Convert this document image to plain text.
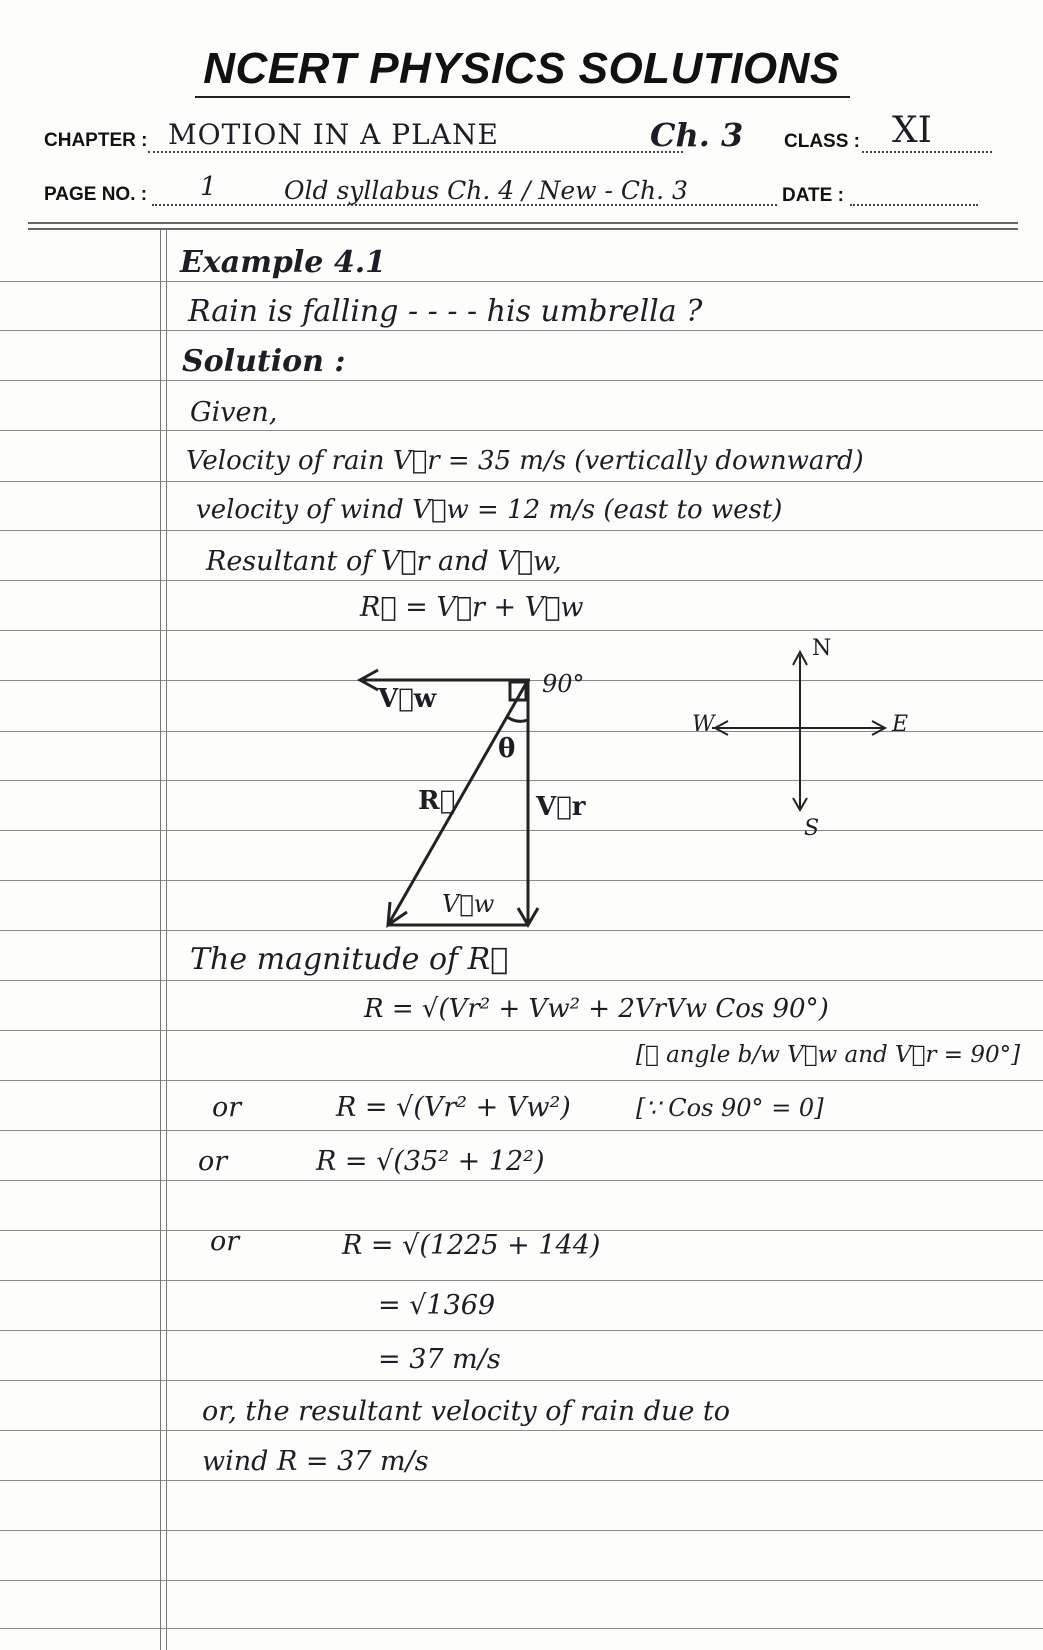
NCERT PHYSICS SOLUTIONS
CHAPTER : MOTION IN A PLANE	Ch. 3 CLASS : XI
PAGE NO. : 1	Old syllabus Ch. 4 / New - Ch. 3	DATE :
Example 4.1
Rain is falling - - - - his umbrella ?
Solution :
Given,
Velocity of rain V⃗r = 35 m/s (vertically downward)
velocity of wind V⃗w = 12 m/s (east to west)
Resultant of V⃗r and V⃗w,
R⃗ = V⃗r + V⃗w
V⃗w	90°
θ
R⃗	V⃗r
V⃗w
N
E
W
S
The magnitude of R⃗
R = √(Vr² + Vw² + 2VrVw Cos 90°)
[∵ angle b/w V⃗w and V⃗r = 90°]
or	R = √(Vr² + Vw²)	[∵ Cos 90° = 0]
or	R = √(35² + 12²)
or	R = √(1225 + 144)
= √1369
= 37 m/s
or, the resultant velocity of rain due to
wind R = 37 m/s
